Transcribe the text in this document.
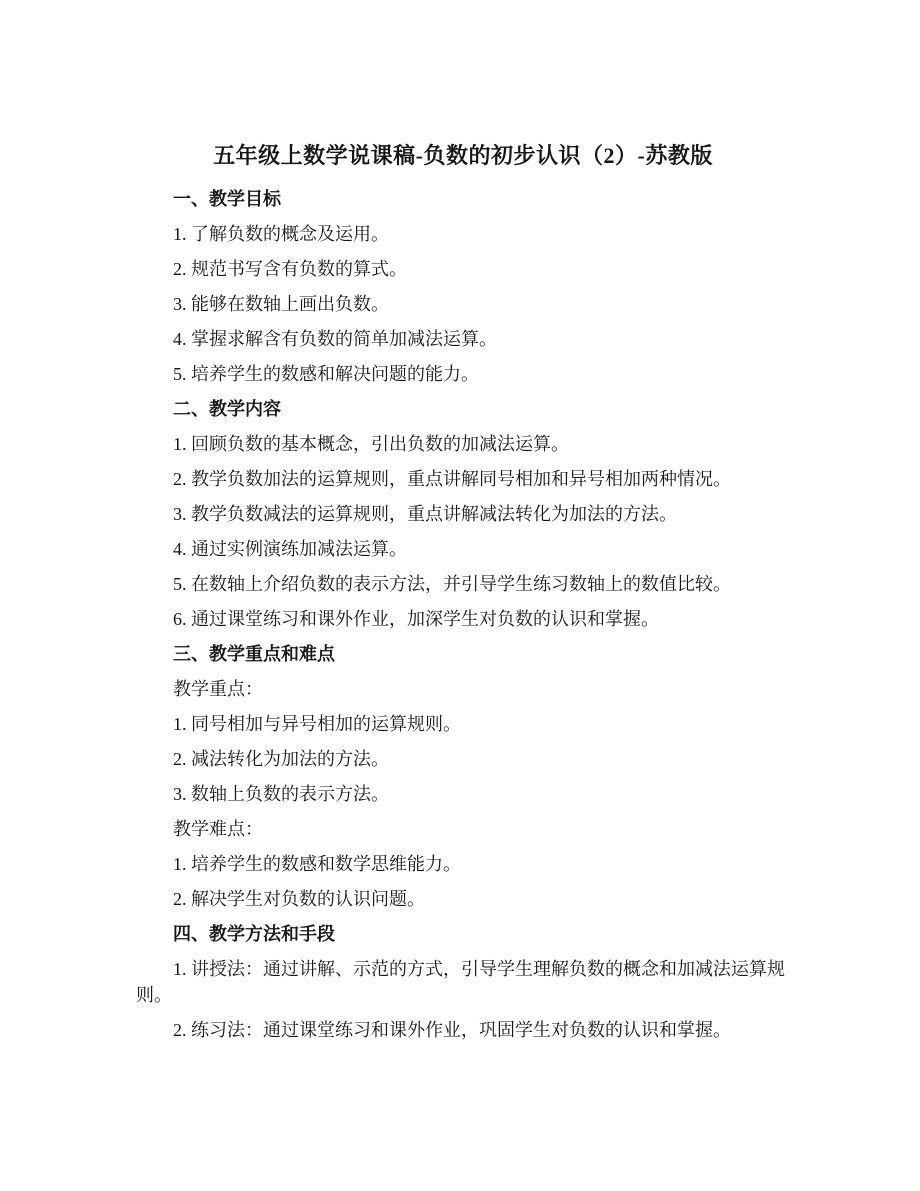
五年级上数学说课稿-负数的初步认识（2）-苏教版
一、教学目标

1. 了解负数的概念及运用。

2. 规范书写含有负数的算式。

3. 能够在数轴上画出负数。

4. 掌握求解含有负数的简单加减法运算。

5. 培养学生的数感和解决问题的能力。

二、教学内容

1. 回顾负数的基本概念，引出负数的加减法运算。

2. 教学负数加法的运算规则，重点讲解同号相加和异号相加两种情况。

3. 教学负数减法的运算规则，重点讲解减法转化为加法的方法。

4. 通过实例演练加减法运算。

5. 在数轴上介绍负数的表示方法，并引导学生练习数轴上的数值比较。

6. 通过课堂练习和课外作业，加深学生对负数的认识和掌握。

三、教学重点和难点

教学重点：

1. 同号相加与异号相加的运算规则。

2. 减法转化为加法的方法。

3. 数轴上负数的表示方法。

教学难点：

1. 培养学生的数感和数学思维能力。

2. 解决学生对负数的认识问题。

四、教学方法和手段

1. 讲授法：通过讲解、示范的方式，引导学生理解负数的概念和加减法运算规则。

2. 练习法：通过课堂练习和课外作业，巩固学生对负数的认识和掌握。
